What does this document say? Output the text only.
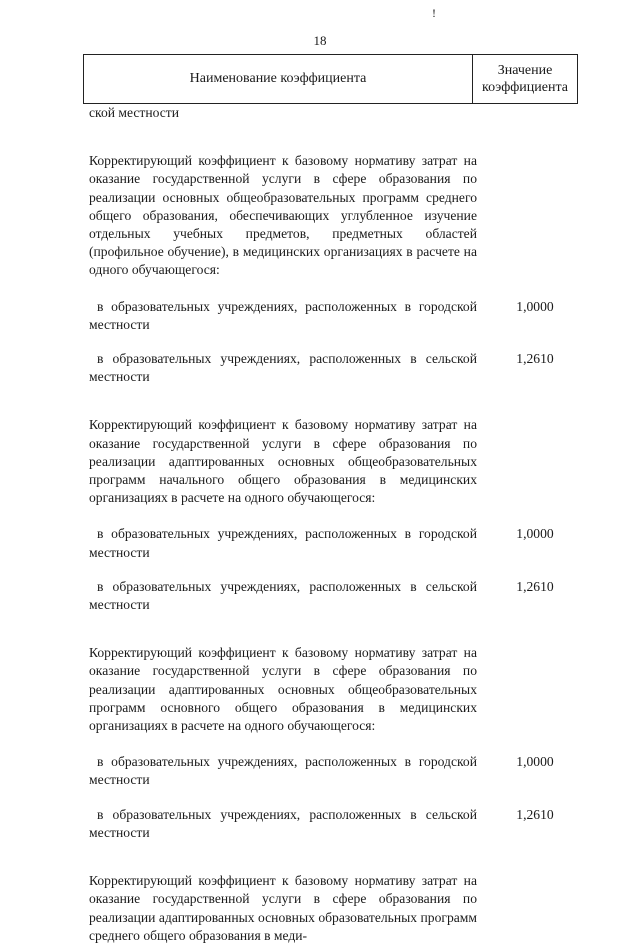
!
18
Наименование коэффициента
Значение
коэффициента

ской местности

Корректирующий коэффициент к базовому нормативу затрат на оказание государственной услуги в сфере образования по реализации основных общеобразовательных программ среднего общего образования, обеспечивающих углубленное изучение отдельных учебных предметов, предметных областей (профильное обучение), в медицинских организациях в расчете на одного обучающегося:

в образовательных учреждениях, расположенных в городской местности

1,0000

в образовательных учреждениях, расположенных в сельской местности

1,2610

Корректирующий коэффициент к базовому нормативу затрат на оказание государственной услуги в сфере образования по реализации адаптированных основных общеобразовательных программ начального общего образования в медицинских организациях в расчете на одного обучающегося:

в образовательных учреждениях, расположенных в городской местности

1,0000

в образовательных учреждениях, расположенных в сельской местности

1,2610

Корректирующий коэффициент к базовому нормативу затрат на оказание государственной услуги в сфере образования по реализации адаптированных основных общеобразовательных программ основного общего образования в медицинских организациях в расчете на одного обучающегося:

в образовательных учреждениях, расположенных в городской местности

1,0000

в образовательных учреждениях, расположенных в сельской местности

1,2610

Корректирующий коэффициент к базовому нормативу затрат на оказание государственной услуги в сфере образования по реализации адаптированных основных образовательных программ среднего общего образования в меди-
